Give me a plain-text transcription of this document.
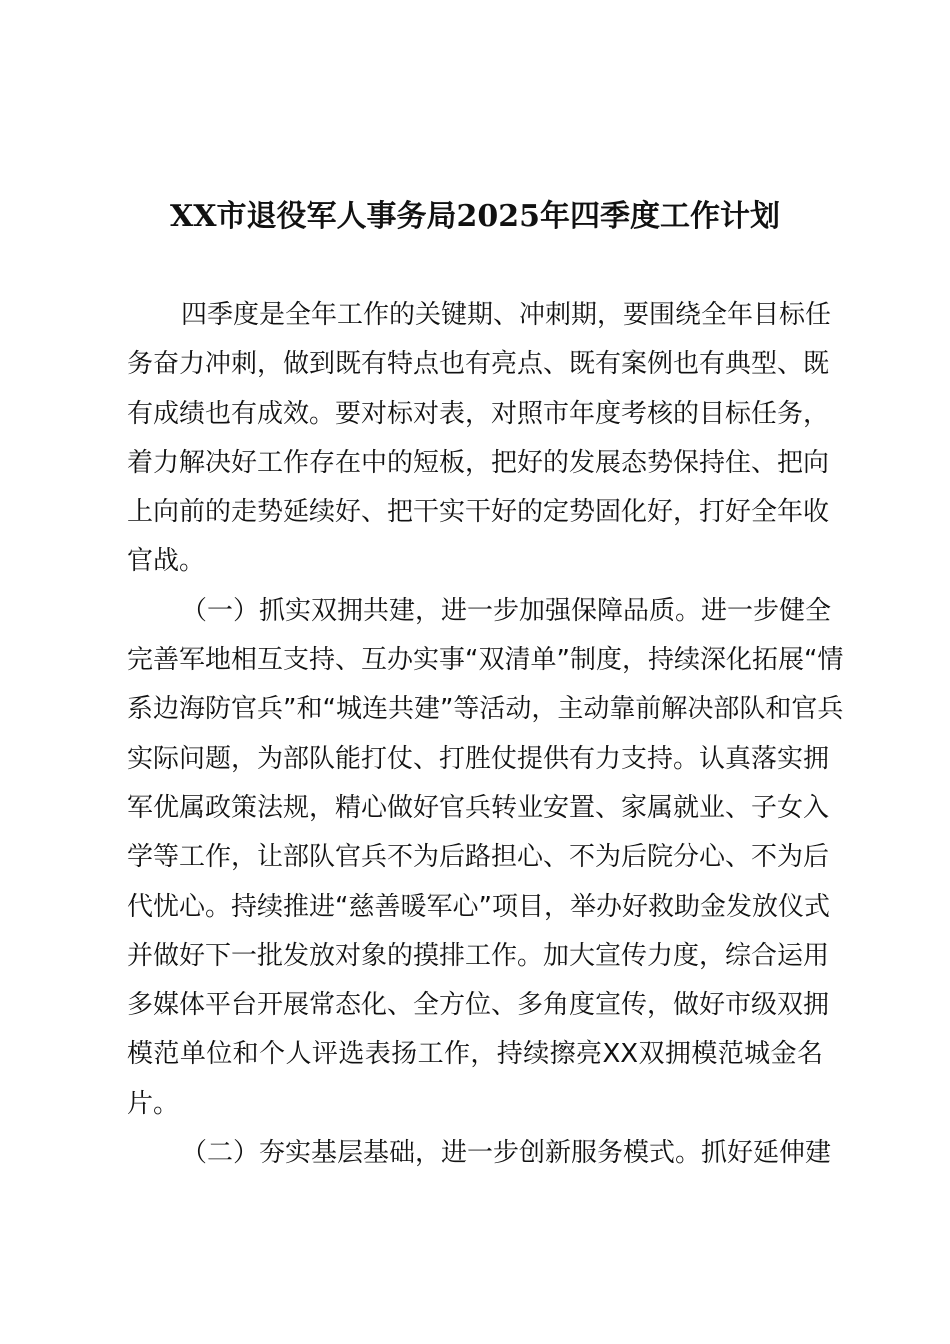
XX市退役军人事务局2025年四季度工作计划
四季度是全年工作的关键期、冲刺期，要围绕全年目标任
务奋力冲刺，做到既有特点也有亮点、既有案例也有典型、既
有成绩也有成效。要对标对表，对照市年度考核的目标任务，
着力解决好工作存在中的短板，把好的发展态势保持住、把向
上向前的走势延续好、把干实干好的定势固化好，打好全年收
官战。
（一）抓实双拥共建，进一步加强保障品质。进一步健全
完善军地相互支持、互办实事“双清单”制度，持续深化拓展“情
系边海防官兵”和“城连共建”等活动，主动靠前解决部队和官兵
实际问题，为部队能打仗、打胜仗提供有力支持。认真落实拥
军优属政策法规，精心做好官兵转业安置、家属就业、子女入
学等工作，让部队官兵不为后路担心、不为后院分心、不为后
代忧心。持续推进“慈善暖军心”项目，举办好救助金发放仪式
并做好下一批发放对象的摸排工作。加大宣传力度，综合运用
多媒体平台开展常态化、全方位、多角度宣传，做好市级双拥
模范单位和个人评选表扬工作，持续擦亮XX双拥模范城金名
片。
（二）夯实基层基础，进一步创新服务模式。抓好延伸建
